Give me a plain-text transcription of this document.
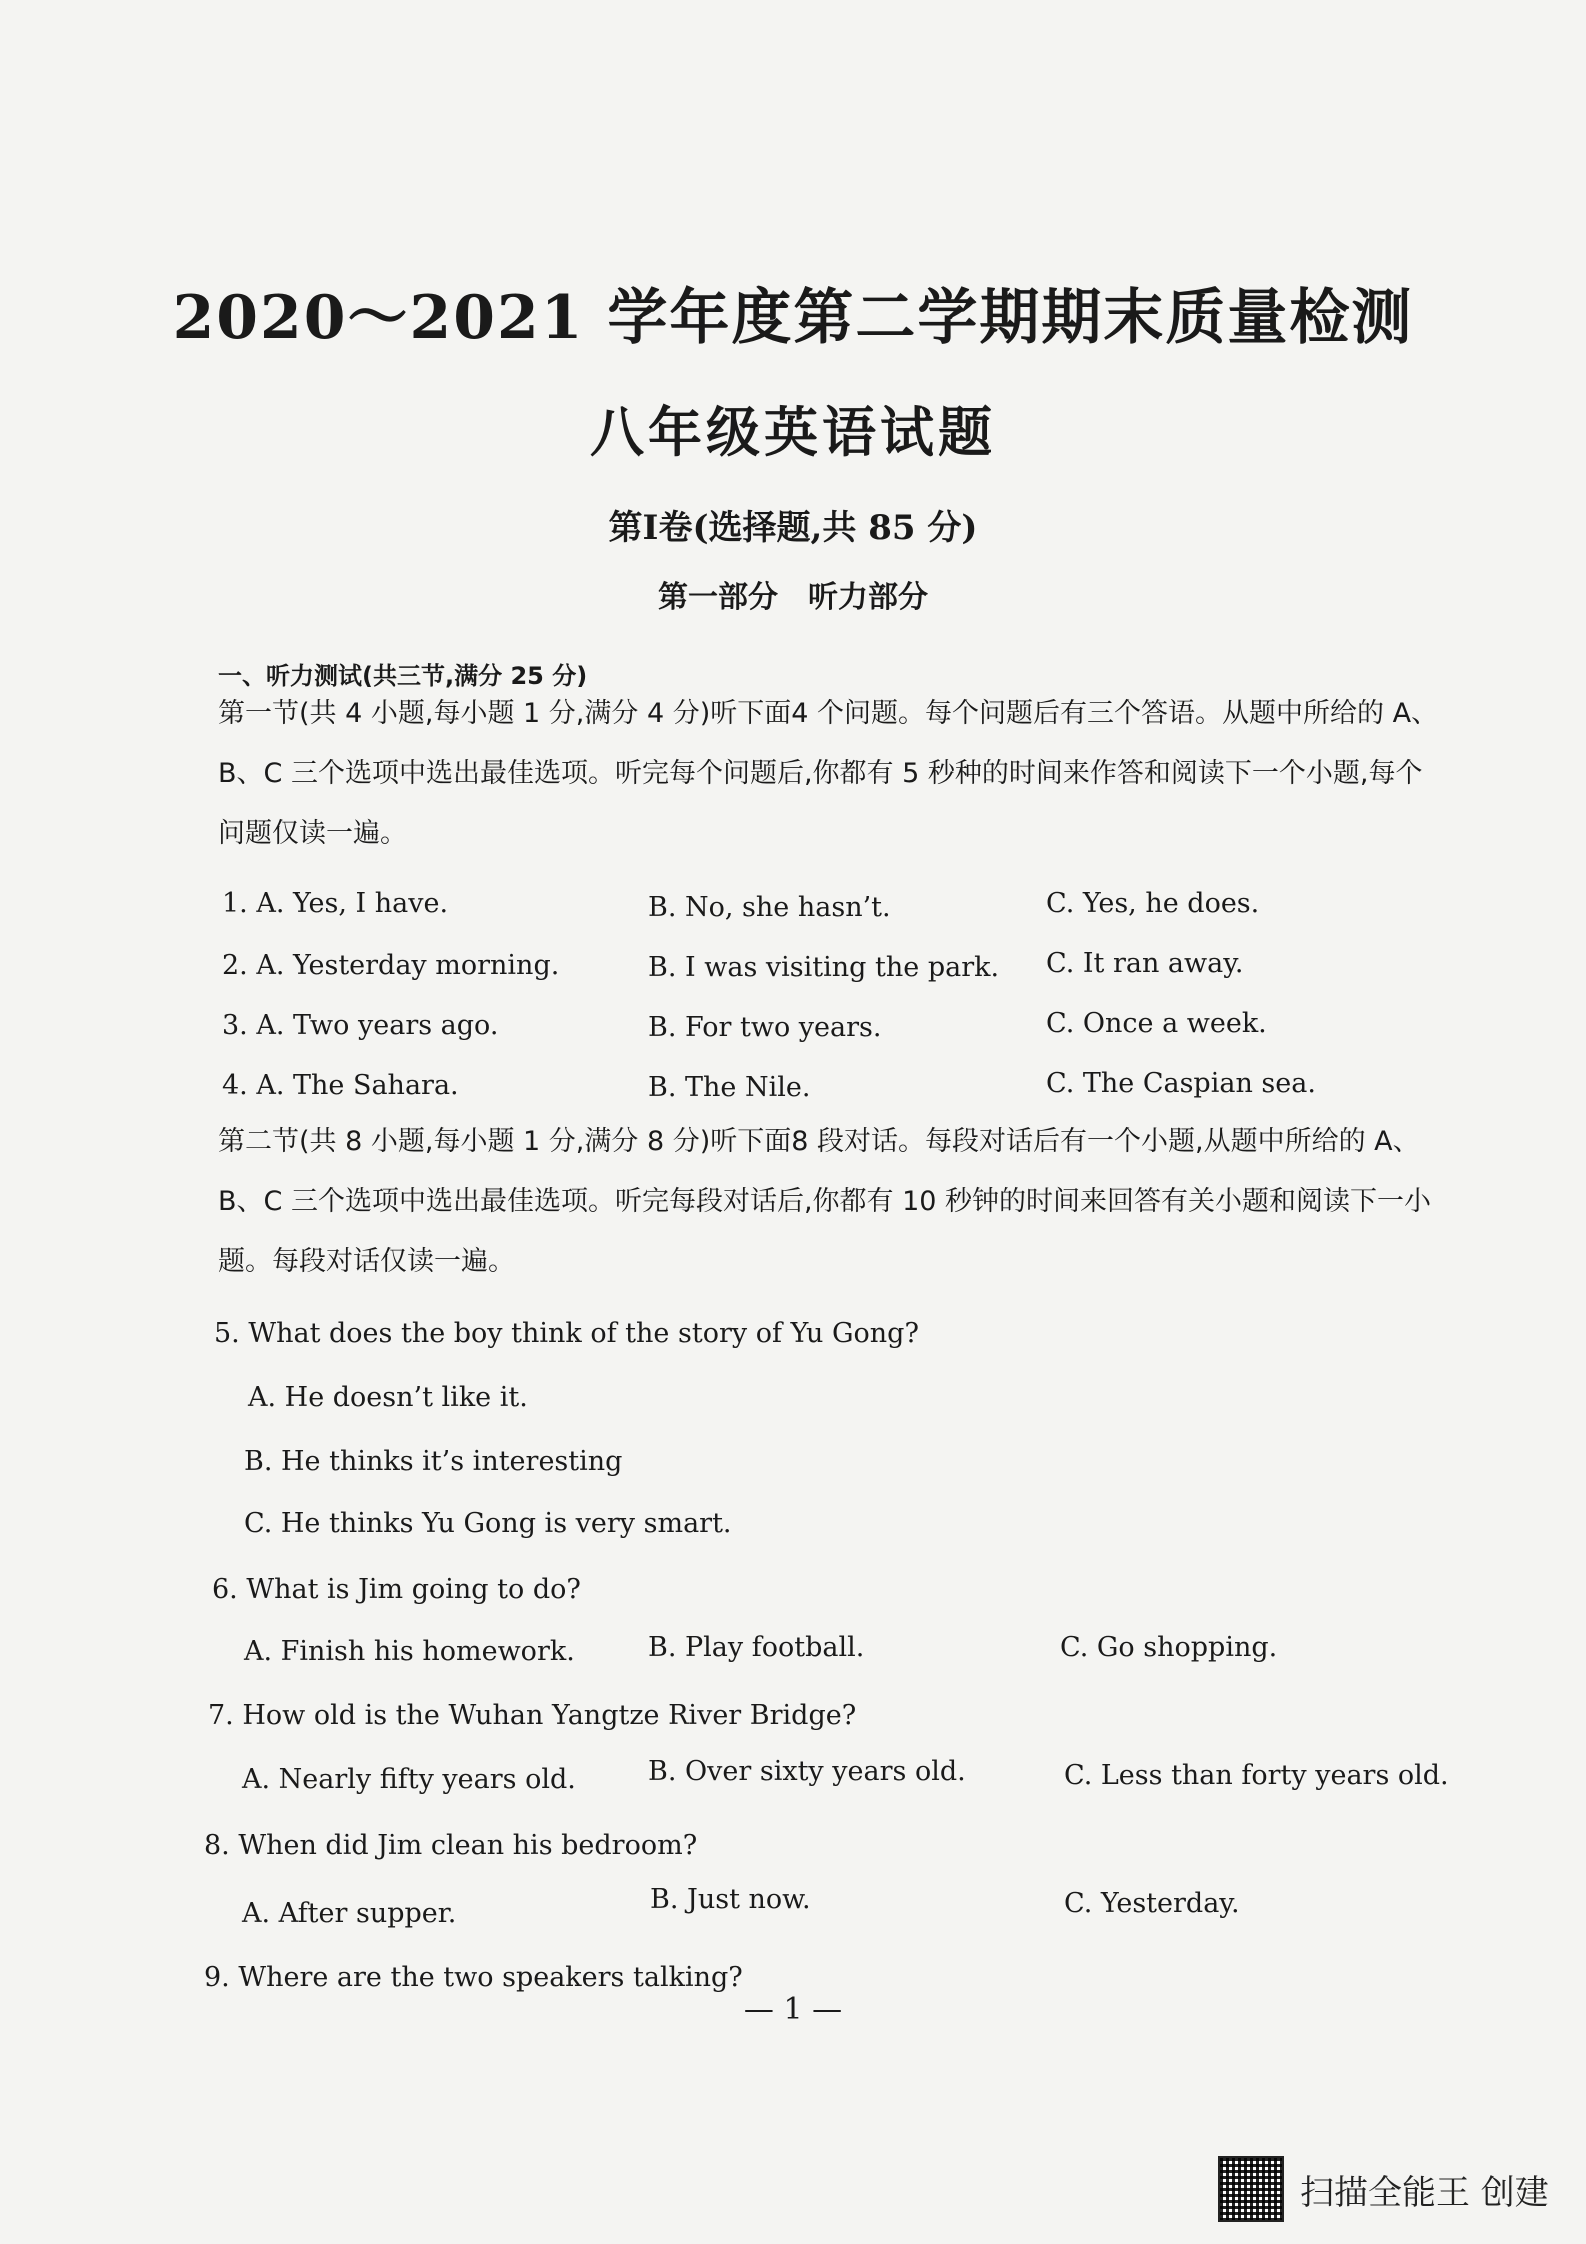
2020～2021 学年度第二学期期末质量检测
八年级英语试题
第Ⅰ卷(选择题,共 85 分)
第一部分　听力部分
一、听力测试(共三节,满分 25 分)
第一节(共 4 小题,每小题 1 分,满分 4 分)听下面4 个问题。每个问题后有三个答语。从题中所给的 A、B、C 三个选项中选出最佳选项。听完每个问题后,你都有 5 秒种的时间来作答和阅读下一个小题,每个问题仅读一遍。
1. A. Yes, I have.	B. No, she hasn’t.	C. Yes, he does.
2. A. Yesterday morning.	B. I was visiting the park. C. It ran away.
3. A. Two years ago.	B. For two years.	C. Once a week.
4. A. The Sahara.	B. The Nile.	C. The Caspian sea.
第二节(共 8 小题,每小题 1 分,满分 8 分)听下面8 段对话。每段对话后有一个小题,从题中所给的 A、B、C 三个选项中选出最佳选项。听完每段对话后,你都有 10 秒钟的时间来回答有关小题和阅读下一小题。每段对话仅读一遍。
5. What does the boy think of the story of Yu Gong?
A. He doesn’t like it.
B. He thinks it’s interesting
C. He thinks Yu Gong is very smart.
6. What is Jim going to do?
A. Finish his homework.	B. Play football.	C. Go shopping.
7. How old is the Wuhan Yangtze River Bridge?
A. Nearly fifty years old.	B. Over sixty years old.	C. Less than forty years old.
8. When did Jim clean his bedroom?
A. After supper.	B. Just now.	C. Yesterday.
9. Where are the two speakers talking?
— 1 —
扫描全能王 创建
